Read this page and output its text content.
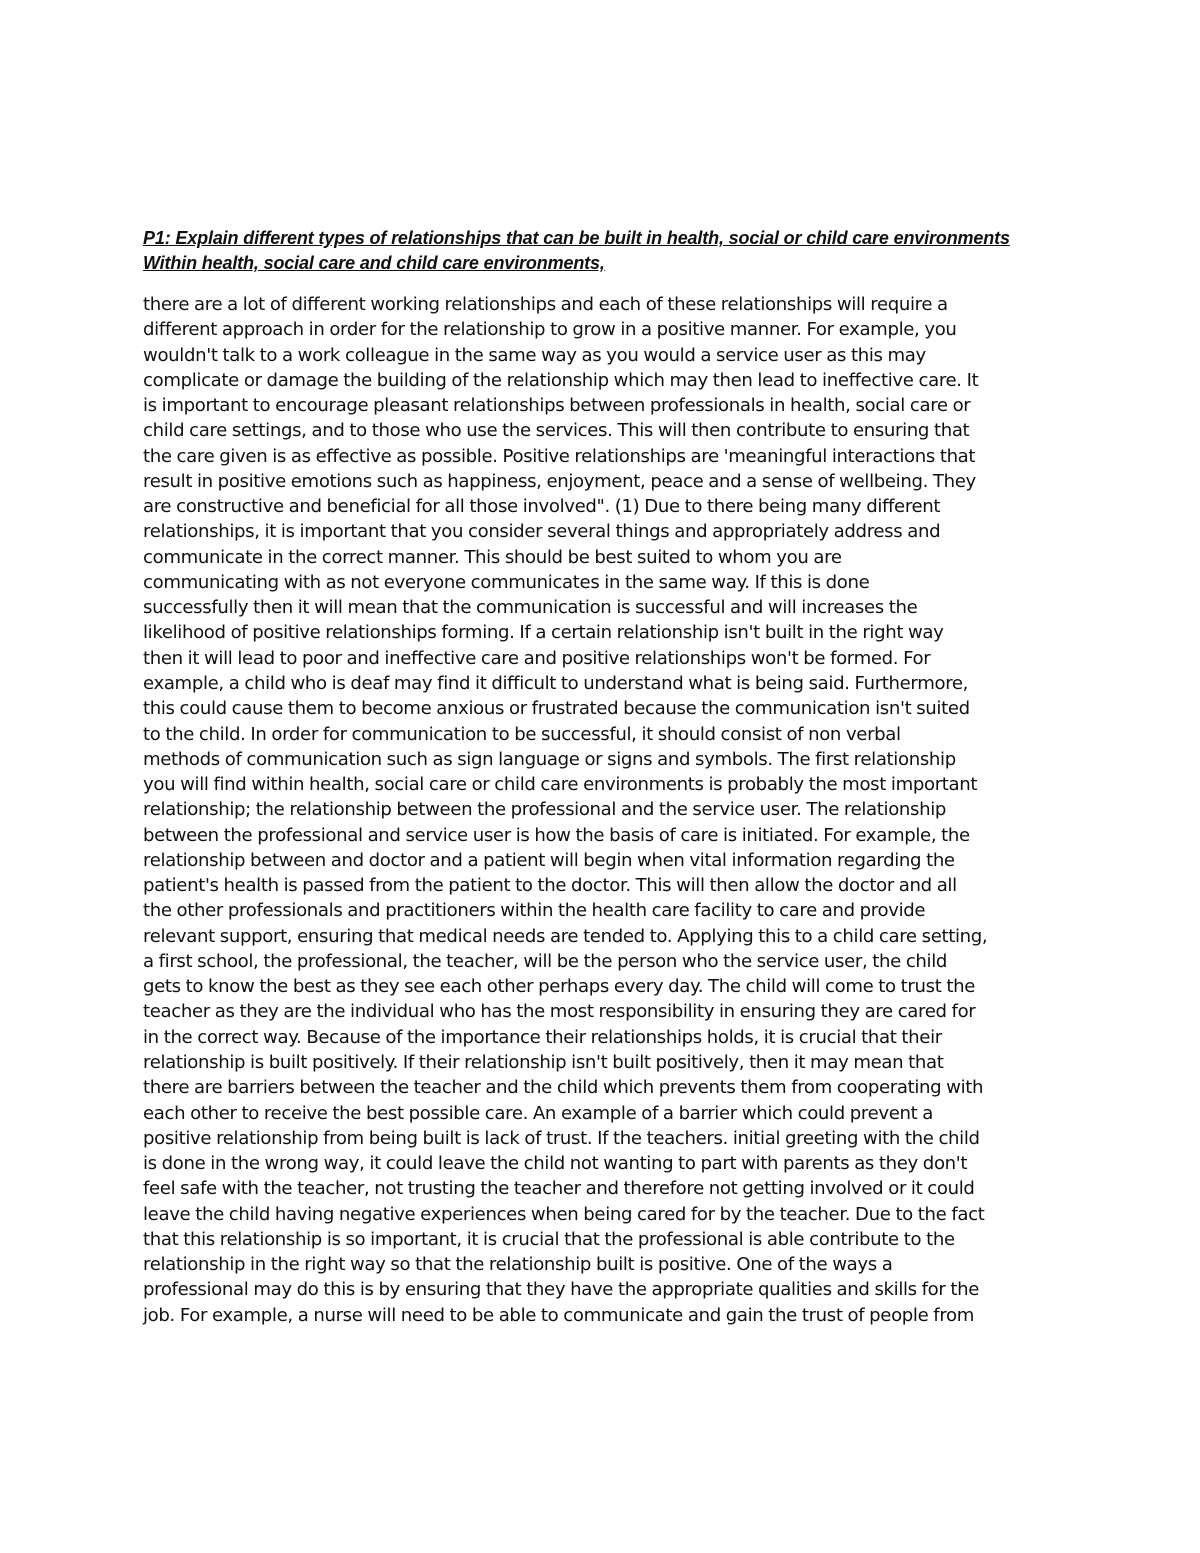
P1: Explain different types of relationships that can be built in health, social or child care environments Within health, social care and child care environments,

there are a lot of different working relationships and each of these relationships will require a
different approach in order for the relationship to grow in a positive manner. For example, you
wouldn't talk to a work colleague in the same way as you would a service user as this may
complicate or damage the building of the relationship which may then lead to ineffective care. It
is important to encourage pleasant relationships between professionals in health, social care or
child care settings, and to those who use the services. This will then contribute to ensuring that
the care given is as effective as possible. Positive relationships are 'meaningful interactions that
result in positive emotions such as happiness, enjoyment, peace and a sense of wellbeing. They
are constructive and beneficial for all those involved". (1) Due to there being many different
relationships, it is important that you consider several things and appropriately address and
communicate in the correct manner. This should be best suited to whom you are
communicating with as not everyone communicates in the same way. If this is done
successfully then it will mean that the communication is successful and will increases the
likelihood of positive relationships forming. If a certain relationship isn't built in the right way
then it will lead to poor and ineffective care and positive relationships won't be formed. For
example, a child who is deaf may find it difficult to understand what is being said. Furthermore,
this could cause them to become anxious or frustrated because the communication isn't suited
to the child. In order for communication to be successful, it should consist of non verbal
methods of communication such as sign language or signs and symbols. The first relationship
you will find within health, social care or child care environments is probably the most important
relationship; the relationship between the professional and the service user. The relationship
between the professional and service user is how the basis of care is initiated. For example, the
relationship between and doctor and a patient will begin when vital information regarding the
patient's health is passed from the patient to the doctor. This will then allow the doctor and all
the other professionals and practitioners within the health care facility to care and provide
relevant support, ensuring that medical needs are tended to. Applying this to a child care setting,
a first school, the professional, the teacher, will be the person who the service user, the child
gets to know the best as they see each other perhaps every day. The child will come to trust the
teacher as they are the individual who has the most responsibility in ensuring they are cared for
in the correct way. Because of the importance their relationships holds, it is crucial that their
relationship is built positively. If their relationship isn't built positively, then it may mean that
there are barriers between the teacher and the child which prevents them from cooperating with
each other to receive the best possible care. An example of a barrier which could prevent a
positive relationship from being built is lack of trust. If the teachers. initial greeting with the child
is done in the wrong way, it could leave the child not wanting to part with parents as they don't
feel safe with the teacher, not trusting the teacher and therefore not getting involved or it could
leave the child having negative experiences when being cared for by the teacher. Due to the fact
that this relationship is so important, it is crucial that the professional is able contribute to the
relationship in the right way so that the relationship built is positive. One of the ways a
professional may do this is by ensuring that they have the appropriate qualities and skills for the
job. For example, a nurse will need to be able to communicate and gain the trust of people from
